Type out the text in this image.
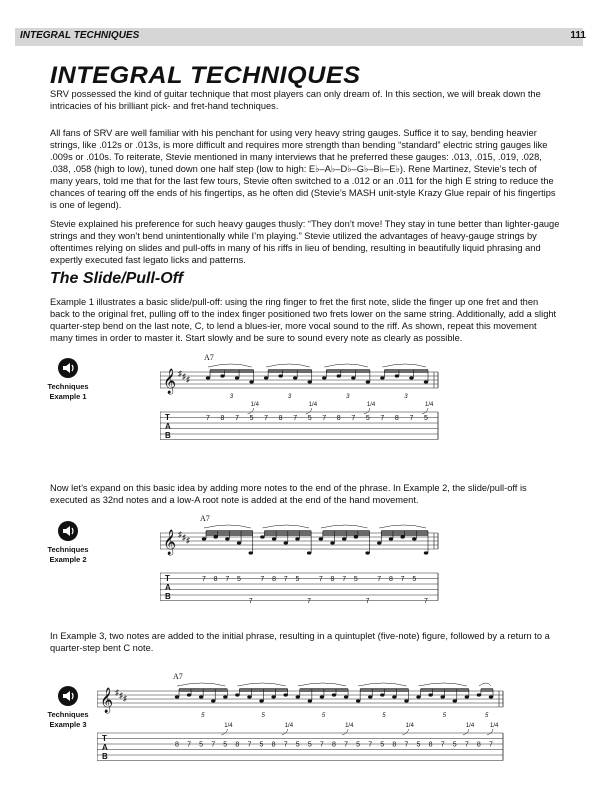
INTEGRAL TECHNIQUES	111
INTEGRAL TECHNIQUES

SRV possessed the kind of guitar technique that most players can only dream of. In this section, we will break down the intricacies of his brilliant pick- and fret-hand techniques.

All fans of SRV are well familiar with his penchant for using very heavy string gauges. Suffice it to say, bending heavier strings, like .012s or .013s, is more difficult and requires more strength than bending “standard” electric string gauges like .009s or .010s. To reiterate, Stevie mentioned in many interviews that he preferred these gauges: .013, .015, .019, .028, .038, .058 (high to low), tuned down one half step (low to high: E♭–A♭–D♭–G♭–B♭–E♭). Rene Martinez, Stevie’s tech of many years, told me that for the last few tours, Stevie often switched to a .012 or an .011 for the high E string to reduce the chances of tearing off the ends of his fingertips, as he often did (Stevie’s MASH unit-style Krazy Glue repair of his fingertips is one of legend).

Stevie explained his preference for such heavy gauges thusly: “They don’t move! They stay in tune better than lighter-gauge strings and they won’t bend unintentionally while I’m playing.” Stevie utilized the advantages of heavy-gauge strings by oftentimes relying on slides and pull-offs in many of his riffs in lieu of bending, resulting in beautifully liquid phrasing and expertly executed fast legato licks and patterns.

The Slide/Pull-Off

Example 1 illustrates a basic slide/pull-off: using the ring finger to fret the first note, slide the finger up one fret and then back to the original fret, pulling off to the index finger positioned two frets lower on the same string. Additionally, add a slight quarter-step bend on the last note, C, to lend a blues-ier, more vocal sound to the riff. As shown, repeat this movement many times in order to master it. Start slowly and be sure to sound every note as clearly as possible.

Techniques
Example 1
𝄞 ♯ ♯ ♯
A7
T
A
B
7 8 7 5 7 8 7 5 7 8 7 5 7 8 7 5
3
1/4
3
1/4
3
1/4
3
1/4

Now let’s expand on this basic idea by adding more notes to the end of the phrase. In Example 2, the slide/pull-off is executed as 32nd notes and a low-A root note is added at the end of the hand movement.

Techniques
Example 2
𝄞 ♯ ♯ ♯
A7
T
A
B
7 8 7 5
7
7 8 7 5
7
7 8 7 5
7
7 8 7 5
7

In Example 3, two notes are added to the initial phrase, resulting in a quintuplet (five-note) figure, followed by a return to a quarter-step bent C note.

Techniques
Example 3
𝄞 ♯ ♯ ♯
A7
T
A
B
8 7 5 7 5 8 7 5 8 7 5 5 7 8 7 5 7 5 8 7 5 8 7 5 7 8 7
5
1/4
5
1/4
5
1/4
5
1/4
5
1/4
5
1/4
